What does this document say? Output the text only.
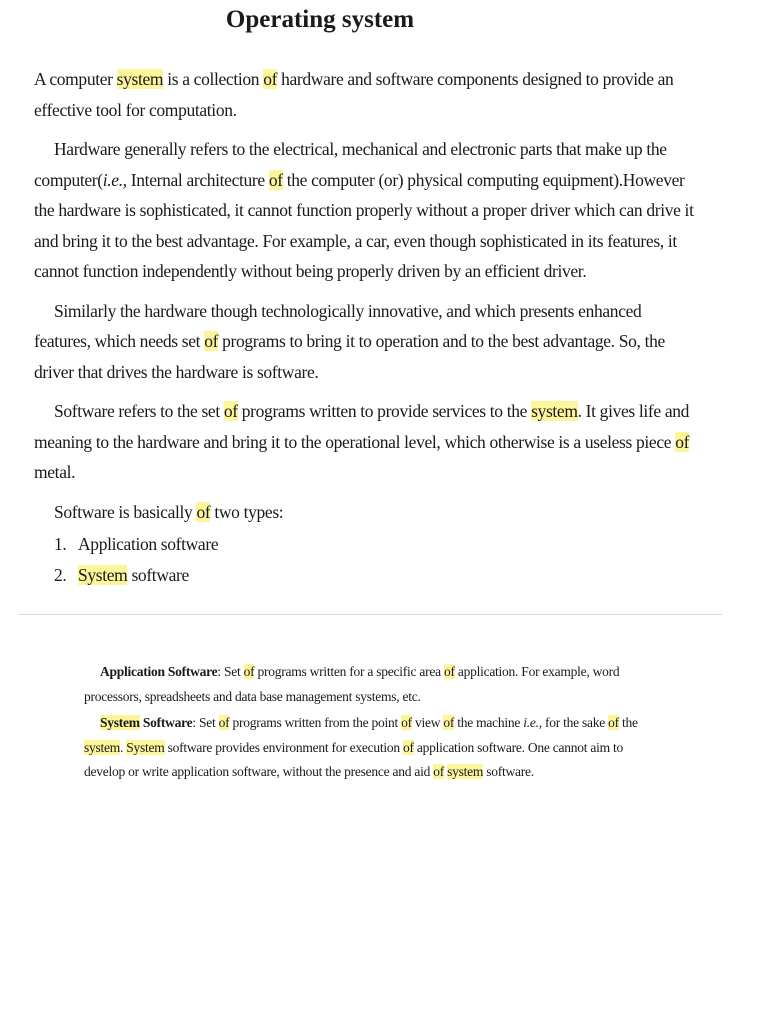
Operating system

A computer system is a collection of hardware and software components designed to provide an effective tool for computation.

Hardware generally refers to the electrical, mechanical and electronic parts that make up the computer(i.e., Internal architecture of the computer (or) physical computing equipment).However the hardware is sophisticated, it cannot function properly without a proper driver which can drive it and bring it to the best advantage. For example, a car, even though sophisticated in its features, it cannot function independently without being properly driven by an efficient driver.

Similarly the hardware though technologically innovative, and which presents enhanced features, which needs set of programs to bring it to operation and to the best advantage. So, the driver that drives the hardware is software.

Software refers to the set of programs written to provide services to the system. It gives life and meaning to the hardware and bring it to the operational level, which otherwise is a useless piece of metal.

Software is basically of two types:

1. Application software
2. System software

Application Software: Set of programs written for a specific area of application. For example, word processors, spreadsheets and data base management systems, etc.

System Software: Set of programs written from the point of view of the machine i.e., for the sake of the system. System software provides environment for execution of application software. One cannot aim to develop or write application software, without the presence and aid of system software.
